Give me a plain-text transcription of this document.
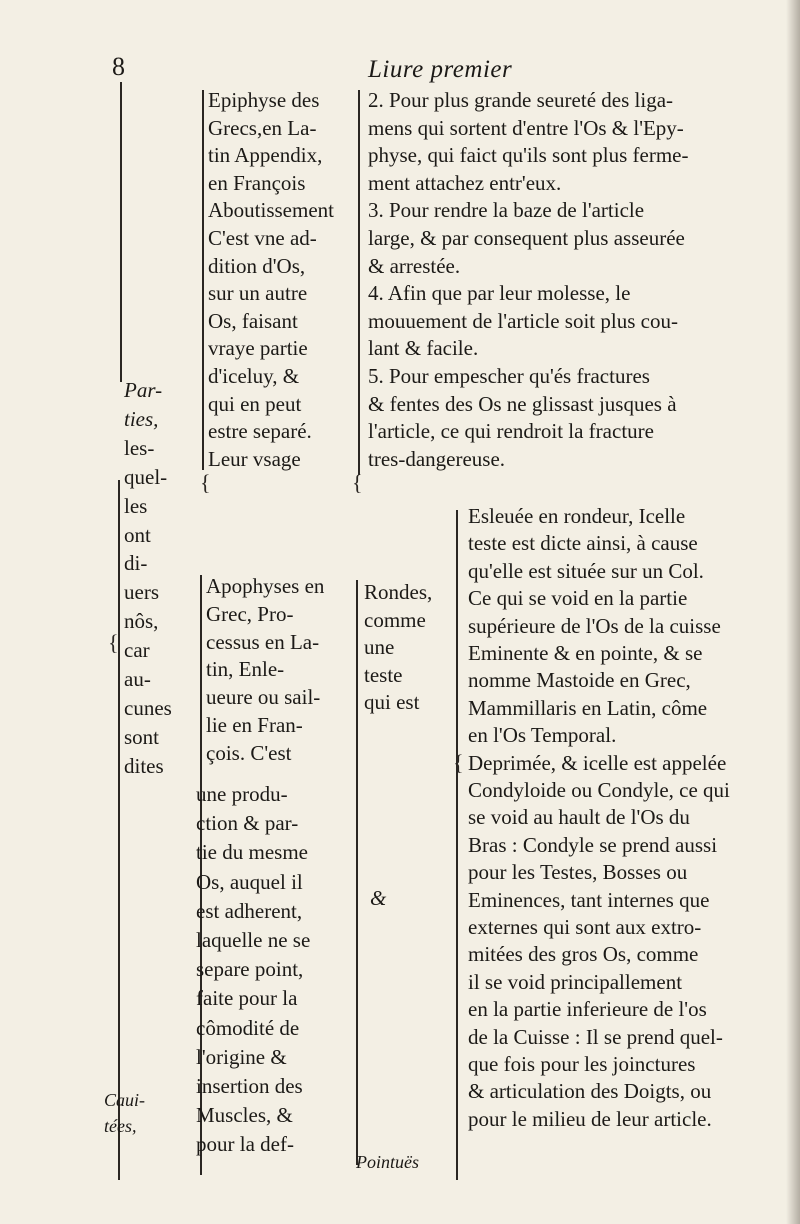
8	Liure premier
{	{
{
{
Par-
ties,
les-
quel-
les
ont
di-
uers
nôs,
car
au-
cunes
sont
dites
Caui-
tées,
Epiphyse des
Grecs,en La-
tin Appendix,
en François
Aboutissement
C'est vne ad-
dition d'Os,
sur un autre
Os, faisant
vraye partie
d'iceluy, &
qui en peut
estre separé.
Leur vsage
2. Pour plus grande seureté des liga-
mens qui sortent d'entre l'Os & l'Epy-
physe, qui faict qu'ils sont plus ferme-
ment attachez entr'eux.
3. Pour rendre la baze de l'article
large, & par consequent plus asseurée
& arrestée.
4. Afin que par leur molesse, le
mouuement de l'article soit plus cou-
lant & facile.
5. Pour empescher qu'és fractures
& fentes des Os ne glissast jusques à
l'article, ce qui rendroit la fracture
tres-dangereuse.
Apophyses en
Grec, Pro-
cessus en La-
tin, Enle-
ueure ou sail-
lie en Fran-
çois. C'est
une produ-
ction & par-
tie du mesme
Os, auquel il
est adherent,
laquelle ne se
separe point,
faite pour la
cômodité de
l'origine &
insertion des
Muscles, &
pour la def-
Rondes,
comme
une
teste
qui est
Esleuée en rondeur, Icelle
teste est dicte ainsi, à cause
qu'elle est située sur un Col.
Ce qui se void en la partie
supérieure de l'Os de la cuisse
Eminente & en pointe, & se
nomme Mastoide en Grec,
Mammillaris en Latin, côme
en l'Os Temporal.
Deprimée, & icelle est appelée
Condyloide ou Condyle, ce qui
se void au hault de l'Os du
Bras : Condyle se prend aussi
pour les Testes, Bosses ou
Eminences, tant internes que
externes qui sont aux extro-
mitées des gros Os, comme
il se void principallement
en la partie inferieure de l'os
de la Cuisse : Il se prend quel-
que fois pour les joinctures
& articulation des Doigts, ou
pour le milieu de leur article.
&
Pointuës
